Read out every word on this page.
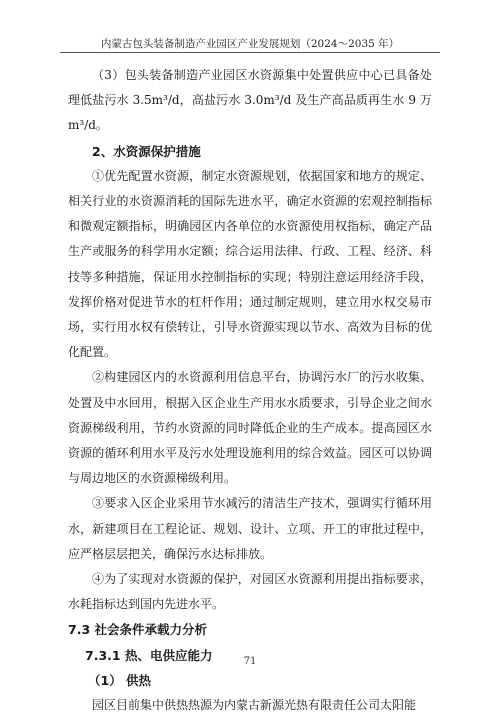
内蒙古包头装备制造产业园区产业发展规划（2024～2035 年）

（3）包头装备制造产业园区水资源集中处置供应中心已具备处理低盐污水 3.5m³/d，高盐污水 3.0m³/d 及生产高品质再生水 9 万 m³/d。

2、水资源保护措施

①优先配置水资源，制定水资源规划，依据国家和地方的规定、相关行业的水资源消耗的国际先进水平，确定水资源的宏观控制指标和微观定额指标，明确园区内各单位的水资源使用权指标，确定产品生产或服务的科学用水定额；综合运用法律、行政、工程、经济、科技等多种措施，保证用水控制指标的实现；特别注意运用经济手段，发挥价格对促进节水的杠杆作用；通过制定规则，建立用水权交易市场，实行用水权有偿转让，引导水资源实现以节水、高效为目标的优化配置。

②构建园区内的水资源利用信息平台，协调污水厂的污水收集、处置及中水回用，根据入区企业生产用水水质要求，引导企业之间水资源梯级利用，节约水资源的同时降低企业的生产成本。提高园区水资源的循环利用水平及污水处理设施利用的综合效益。园区可以协调与周边地区的水资源梯级利用。

③要求入区企业采用节水减污的清洁生产技术，强调实行循环用水，新建项目在工程论证、规划、设计、立项、开工的审批过程中，应严格层层把关，确保污水达标排放。

④为了实现对水资源的保护，对园区水资源利用提出指标要求，水耗指标达到国内先进水平。

7.3 社会条件承载力分析

7.3.1 热、电供应能力

（1） 供热

园区目前集中供热热源为内蒙古新源光热有限责任公司太阳能

71
